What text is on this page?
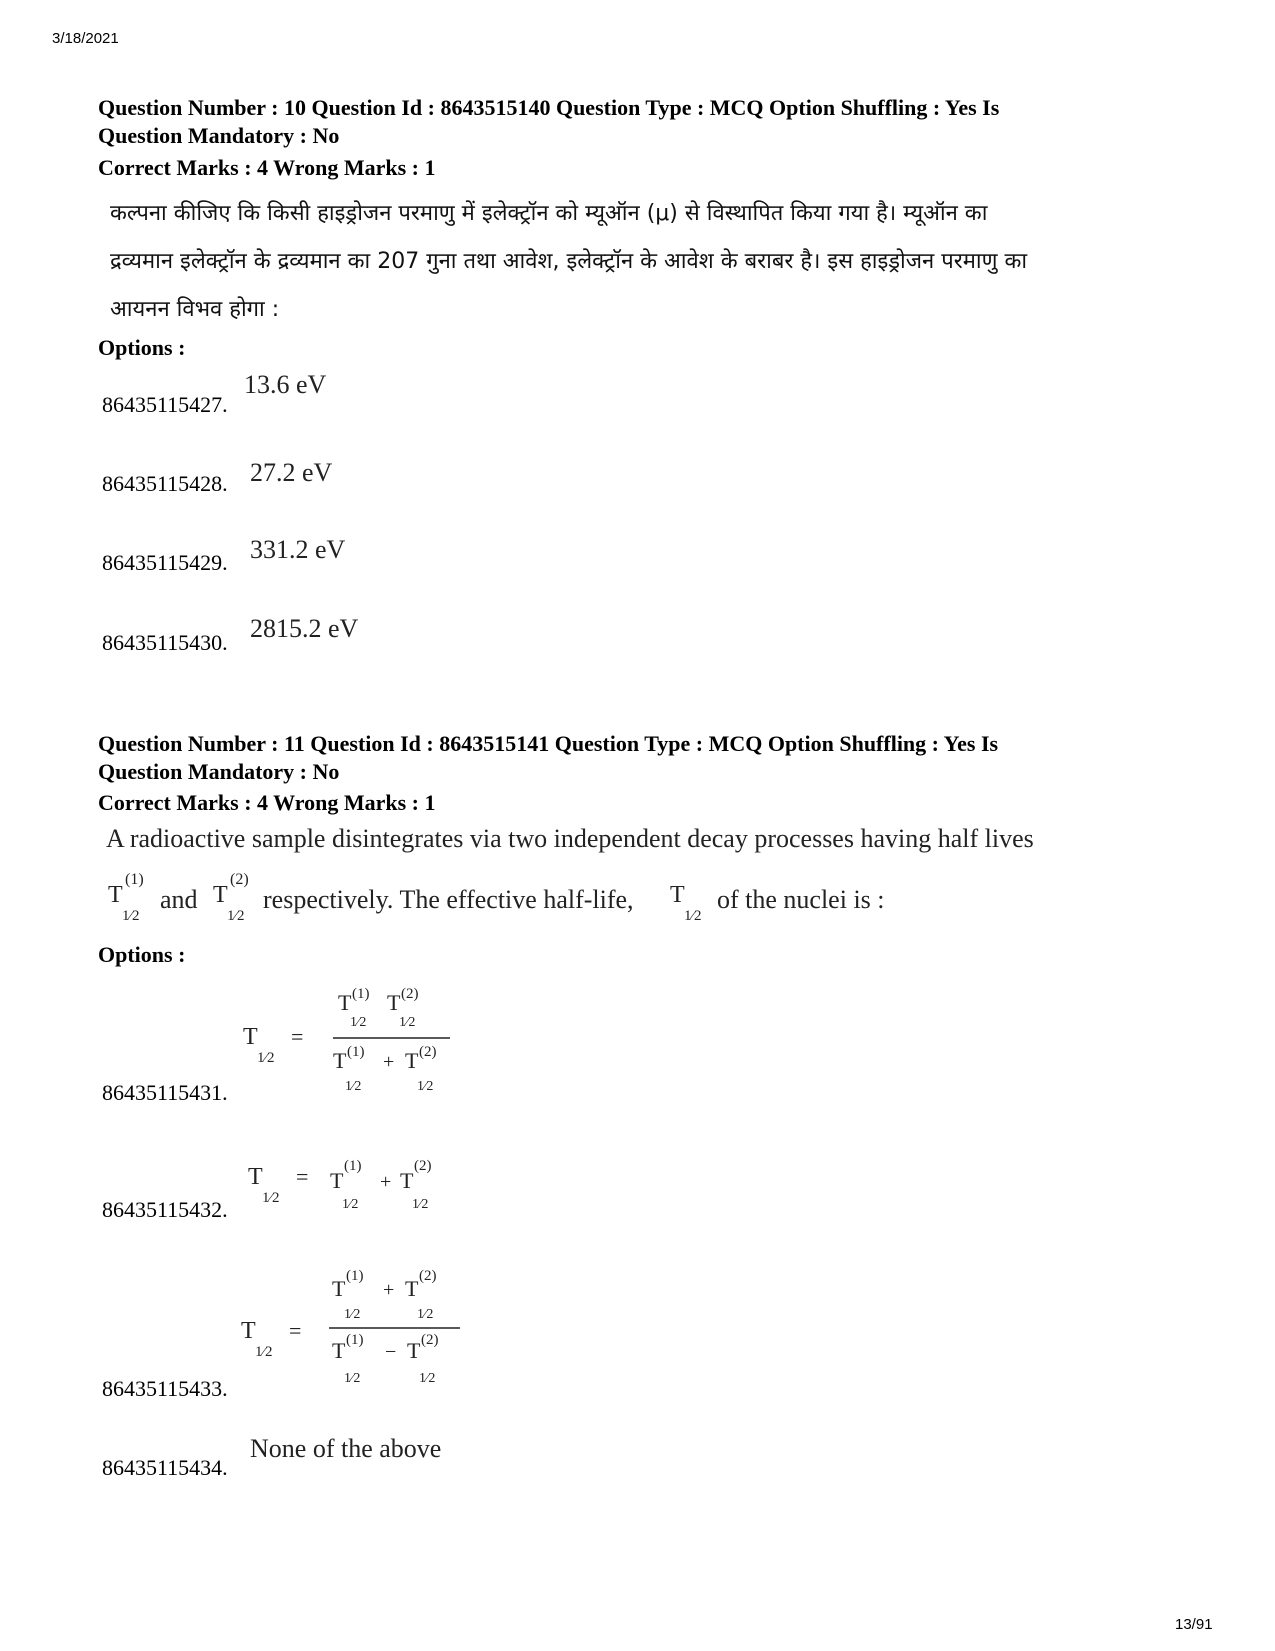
3/18/2021
Question Number : 10 Question Id : 8643515140 Question Type : MCQ Option Shuffling : Yes Is
Question Mandatory : No
Correct Marks : 4 Wrong Marks : 1
कल्पना कीजिए कि किसी हाइड्रोजन परमाणु में इलेक्ट्रॉन को म्यूऑन (μ) से विस्थापित किया गया है। म्यूऑन का
द्रव्यमान इलेक्ट्रॉन के द्रव्यमान का 207 गुना तथा आवेश, इलेक्ट्रॉन के आवेश के बराबर है। इस हाइड्रोजन परमाणु का
आयनन विभव होगा :
Options :
86435115427.
13.6 eV
86435115428. 27.2 eV
86435115429. 331.2 eV
86435115430. 2815.2 eV
Question Number : 11 Question Id : 8643515141 Question Type : MCQ Option Shuffling : Yes Is
Question Mandatory : No
Correct Marks : 4 Wrong Marks : 1
A radioactive sample disintegrates via two independent decay processes having half lives
T
(1)
1⁄2
and T
(2)
1⁄2
respectively. The effective half-life, T
1⁄2
of the nuclei is :
Options :
86435115431.
T
1⁄2
=
T (1)
1⁄2
T (2)
1⁄2
T (1)
1⁄2
+ T (2)
1⁄2
86435115432.
T
1⁄2
= T
(1)
1⁄2
+ T
(2)
1⁄2
86435115433.
T
1⁄2
=
T (1)
1⁄2
+ T (2)
1⁄2
T (1)
1⁄2
− T (2)
1⁄2
86435115434.
None of the above
13/91
